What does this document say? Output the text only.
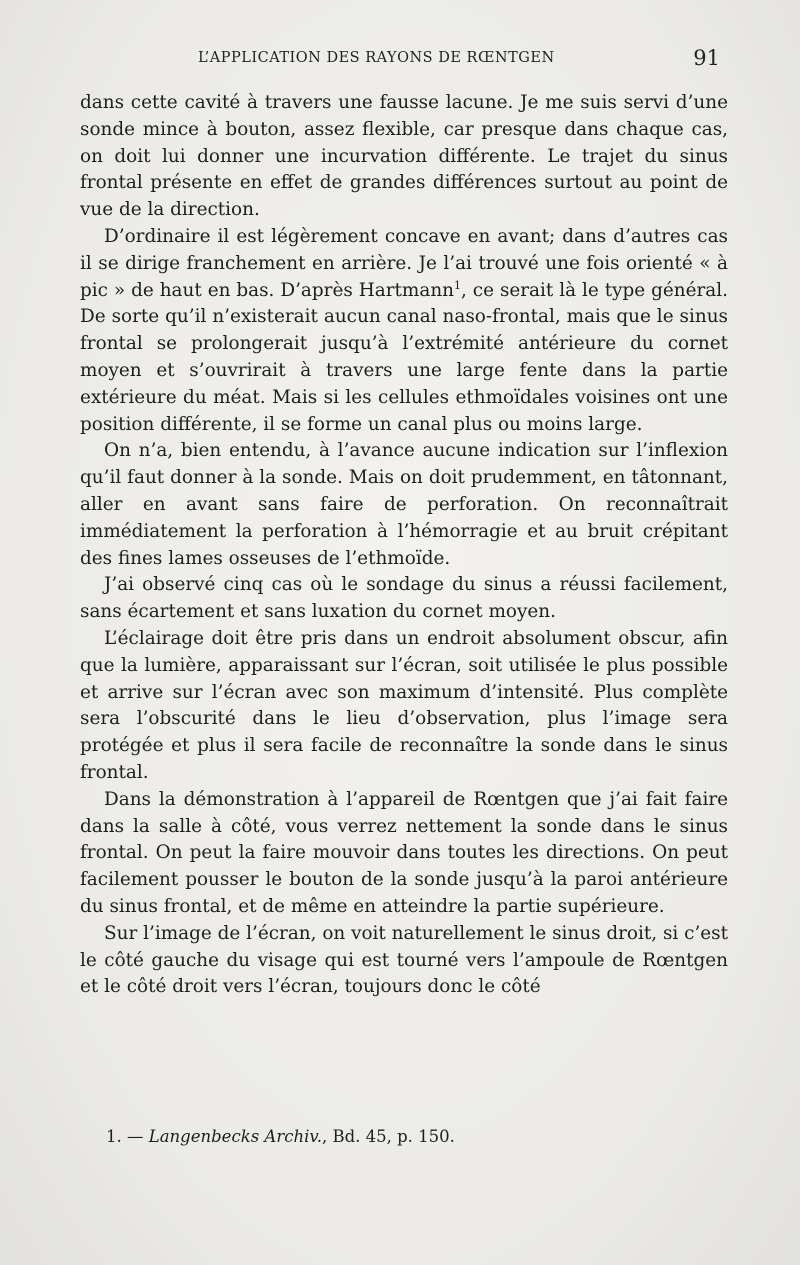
L’APPLICATION DES RAYONS DE RŒNTGEN	91

dans cette cavité à travers une fausse lacune. Je me suis servi d’une sonde mince à bouton, assez flexible, car presque dans chaque cas, on doit lui donner une incurvation différente. Le trajet du sinus frontal présente en effet de grandes différences surtout au point de vue de la direction.

D’ordinaire il est légèrement concave en avant; dans d’autres cas il se dirige franchement en arrière. Je l’ai trouvé une fois orienté « à pic » de haut en bas. D’après Hartmann$^1$, ce serait là le type général. De sorte qu’il n’existerait aucun canal naso-frontal, mais que le sinus frontal se prolongerait jusqu’à l’extrémité antérieure du cornet moyen et s’ouvrirait à travers une large fente dans la partie extérieure du méat. Mais si les cellules ethmoïdales voisines ont une position différente, il se forme un canal plus ou moins large.

On n’a, bien entendu, à l’avance aucune indication sur l’inflexion qu’il faut donner à la sonde. Mais on doit prudemment, en tâtonnant, aller en avant sans faire de perforation. On reconnaîtrait immédiatement la perforation à l’hémorragie et au bruit crépitant des fines lames osseuses de l’ethmoïde.

J’ai observé cinq cas où le sondage du sinus a réussi facilement, sans écartement et sans luxation du cornet moyen.

L’éclairage doit être pris dans un endroit absolument obscur, afin que la lumière, apparaissant sur l’écran, soit utilisée le plus possible et arrive sur l’écran avec son maximum d’intensité. Plus complète sera l’obscurité dans le lieu d’observation, plus l’image sera protégée et plus il sera facile de reconnaître la sonde dans le sinus frontal.

Dans la démonstration à l’appareil de Rœntgen que j’ai fait faire dans la salle à côté, vous verrez nettement la sonde dans le sinus frontal. On peut la faire mouvoir dans toutes les directions. On peut facilement pousser le bouton de la sonde jusqu’à la paroi antérieure du sinus frontal, et de même en atteindre la partie supérieure.

Sur l’image de l’écran, on voit naturellement le sinus droit, si c’est le côté gauche du visage qui est tourné vers l’ampoule de Rœntgen et le côté droit vers l’écran, toujours donc le côté

1. — Langenbecks Archiv., Bd. 45, p. 150.
